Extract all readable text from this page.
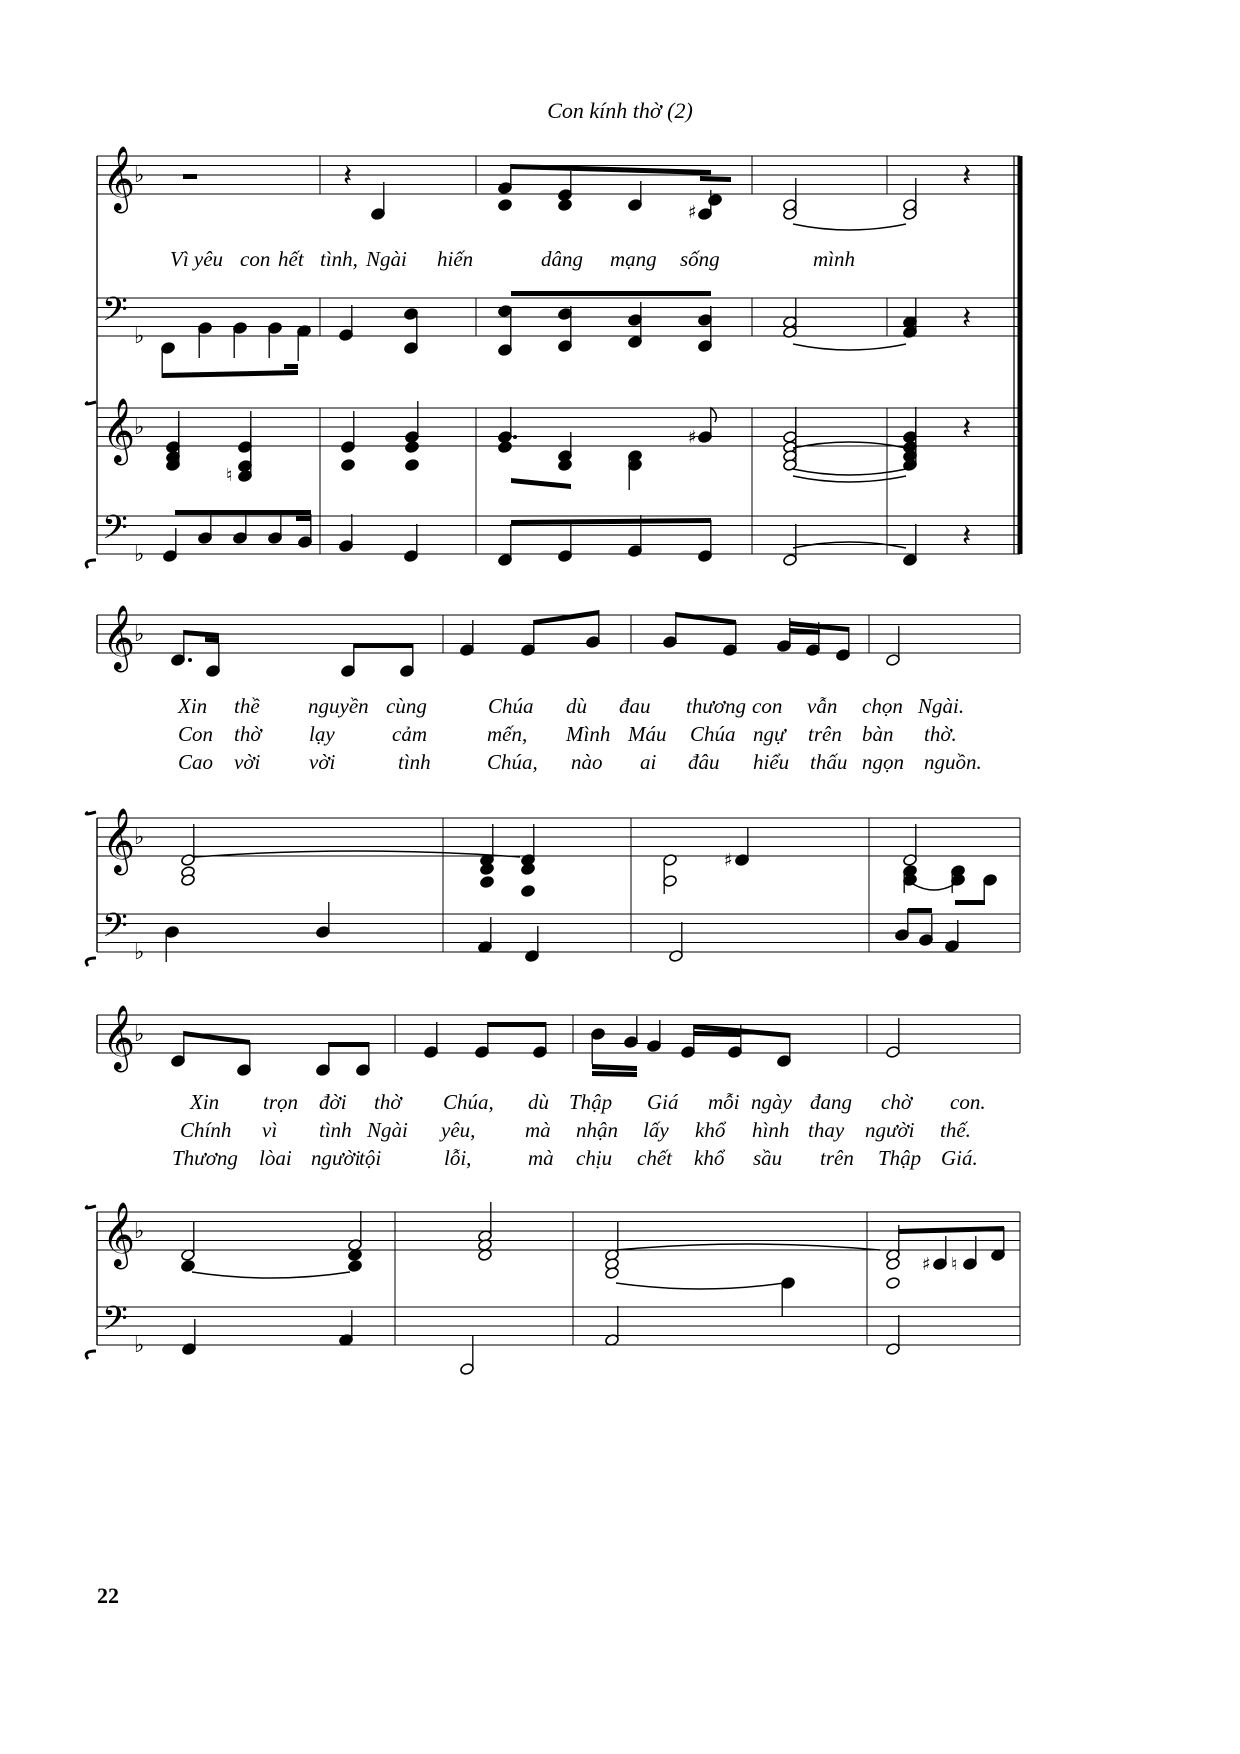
Con kính thờ (2)
𝄞
♭
𝄢 ♭
𝄞
♭
𝄢 ♭
𝄽
♯
𝄽
𝄽
♮
♯	𝄽
𝄽
𝄞
♭
𝄞
♭
𝄢 ♭
♯
𝄞
♭
𝄞
♭
𝄢 ♭
♯ ♮
Vì yêu con hết tình, Ngài hiến	dâng mạng sống	mình
Xin thề nguyền cùng	Chúa dù đau thương con vẫn chọn Ngài.
Con thờ lạy	cảm	mến, Mình Máu Chúa ngự trên bàn thờ.
Cao vời vời	tình	Chúa, nào ai đâu hiểu thấu ngọn nguồn.
Xin trọn đời thờ Chúa, dù Thập Giá mỗi ngày đang chờ con.
Chính vì tình Ngài yêu, mà nhận lấy khổ hình thay người thế.
Thương lòai người
tội	lỗi,	mà chịu chết khổ sầu trên Thập Giá.
22
